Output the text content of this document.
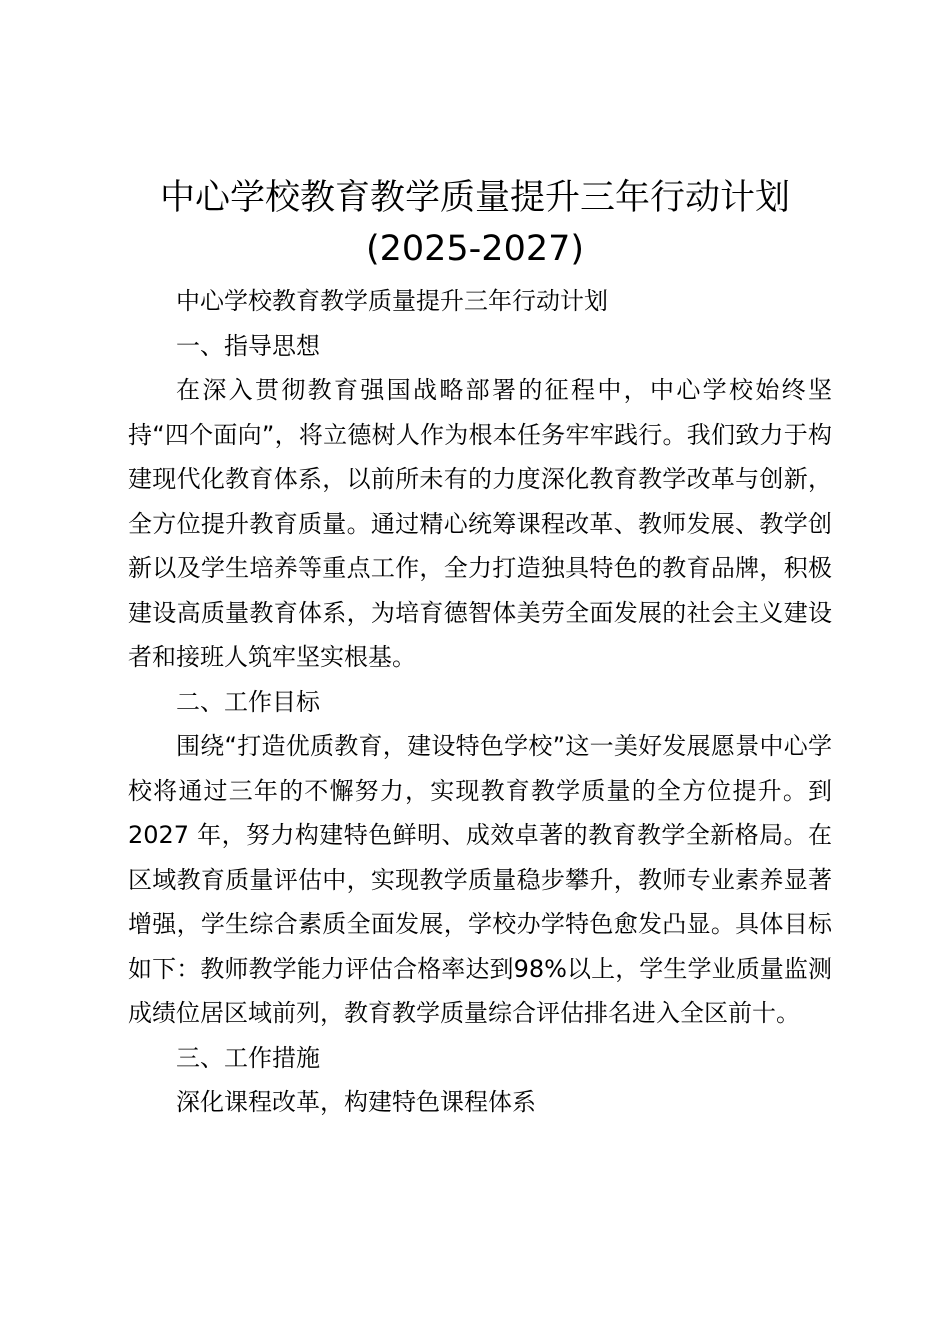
中心学校教育教学质量提升三年行动计划
(2025-2027)

中心学校教育教学质量提升三年行动计划

一、指导思想

在深入贯彻教育强国战略部署的征程中，中心学校始终坚持“四个面向”，将立德树人作为根本任务牢牢践行。我们致力于构建现代化教育体系，以前所未有的力度深化教育教学改革与创新，全方位提升教育质量。通过精心统筹课程改革、教师发展、教学创新以及学生培养等重点工作，全力打造独具特色的教育品牌，积极建设高质量教育体系，为培育德智体美劳全面发展的社会主义建设者和接班人筑牢坚实根基。

二、工作目标

围绕“打造优质教育，建设特色学校”这一美好发展愿景中心学校将通过三年的不懈努力，实现教育教学质量的全方位提升。到 2027 年，努力构建特色鲜明、成效卓著的教育教学全新格局。在区域教育质量评估中，实现教学质量稳步攀升，教师专业素养显著增强，学生综合素质全面发展，学校办学特色愈发凸显。具体目标如下：教师教学能力评估合格率达到98%以上，学生学业质量监测成绩位居区域前列，教育教学质量综合评估排名进入全区前十。

三、工作措施

深化课程改革，构建特色课程体系
